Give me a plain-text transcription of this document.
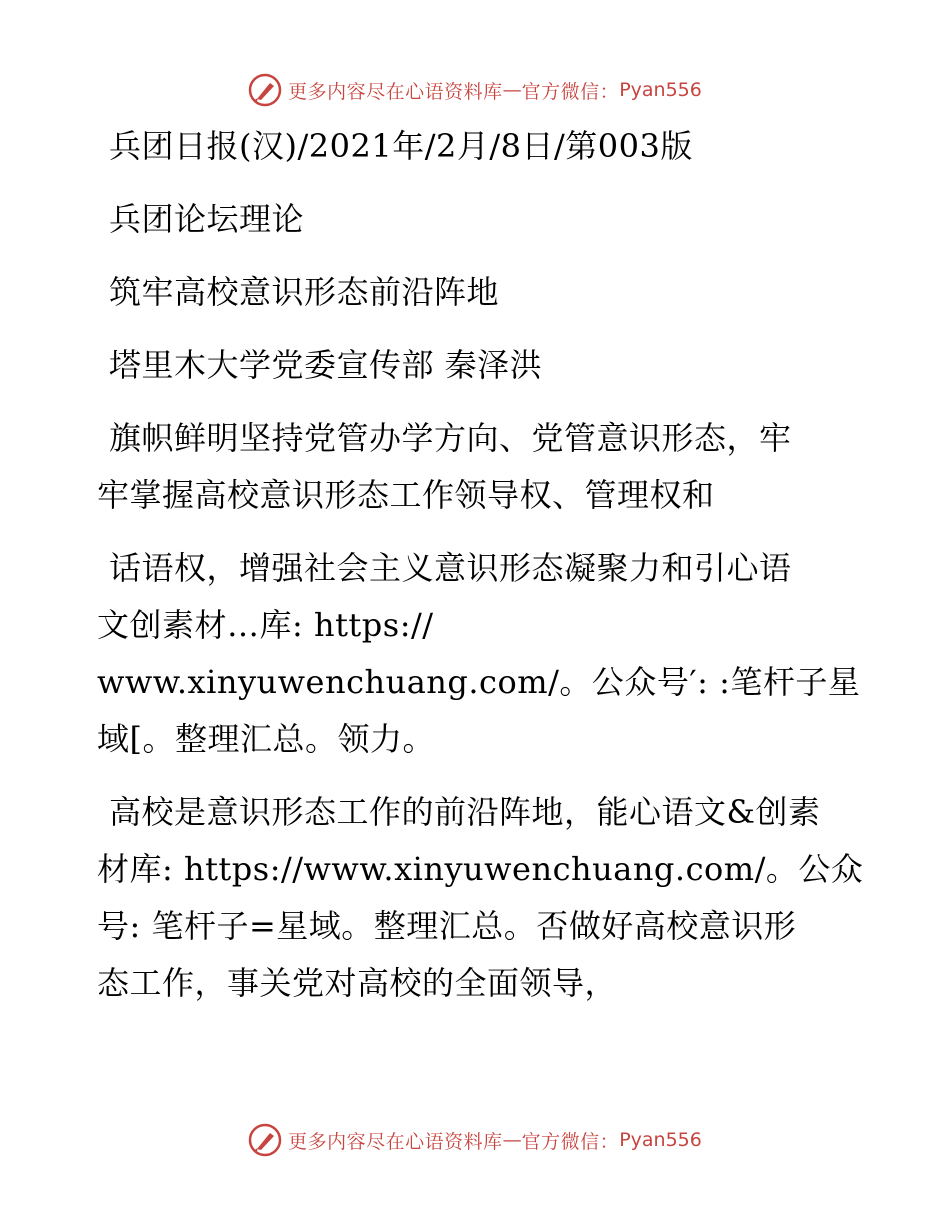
更多内容尽在心语资料库 — 官方微信： Pyan556
兵团日报(汉)/2021年/2月/8日/第003版
兵团论坛理论
筑牢高校意识形态前沿阵地
塔里木大学党委宣传部 秦泽洪
旗帜鲜明坚持党管办学方向、党管意识形态，牢
牢掌握高校意识形态工作领导权、管理权和
话语权，增强社会主义意识形态凝聚力和引心语
文创素材…库: https://
www.xinyuwenchuang.com/。公众号′: :笔杆子星
域[。整理汇总。领力。
高校是意识形态工作的前沿阵地，能心语文&创素
材库: https://www.xinyuwenchuang.com/。公众
号: 笔杆子=星域。整理汇总。否做好高校意识形
态工作，事关党对高校的全面领导，
更多内容尽在心语资料库 — 官方微信： Pyan556
